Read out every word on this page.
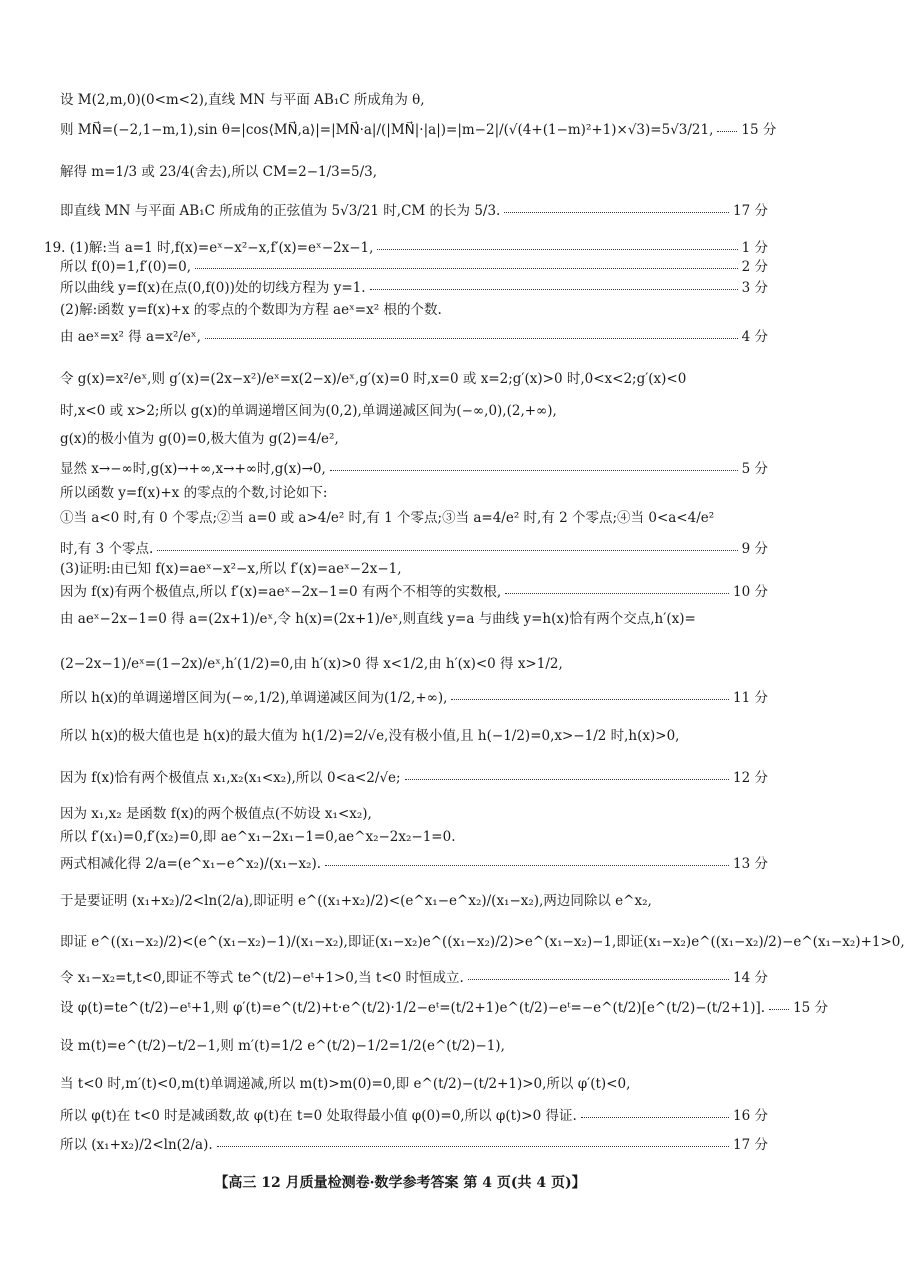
设 M(2,m,0)(0<m<2),直线 MN 与平面 AB₁C 所成角为 θ,
则 MN⃗=(−2,1−m,1),sin θ=|cos⟨MN⃗,a⟩|=|MN⃗·a|/(|MN⃗|·|a|)=|m−2|/(√(4+(1−m)²+1)×√3)=5√3/21, 15 分
解得 m=1/3 或 23/4(舍去),所以 CM=2−1/3=5/3,
即直线 MN 与平面 AB₁C 所成角的正弦值为 5√3/21 时,CM 的长为 5/3.	17 分
19. (1)解:当 a=1 时,f(x)=eˣ−x²−x,f′(x)=eˣ−2x−1,	1 分
所以 f(0)=1,f′(0)=0,	2 分
所以曲线 y=f(x)在点(0,f(0))处的切线方程为 y=1.	3 分
(2)解:函数 y=f(x)+x 的零点的个数即为方程 aeˣ=x² 根的个数.
由 aeˣ=x² 得 a=x²/eˣ,	4 分
令 g(x)=x²/eˣ,则 g′(x)=(2x−x²)/eˣ=x(2−x)/eˣ,g′(x)=0 时,x=0 或 x=2;g′(x)>0 时,0<x<2;g′(x)<0
时,x<0 或 x>2;所以 g(x)的单调递增区间为(0,2),单调递减区间为(−∞,0),(2,+∞),
g(x)的极小值为 g(0)=0,极大值为 g(2)=4/e²,
显然 x→−∞时,g(x)→+∞,x→+∞时,g(x)→0,	5 分
所以函数 y=f(x)+x 的零点的个数,讨论如下:
①当 a<0 时,有 0 个零点;②当 a=0 或 a>4/e² 时,有 1 个零点;③当 a=4/e² 时,有 2 个零点;④当 0<a<4/e²
时,有 3 个零点.	9 分
(3)证明:由已知 f(x)=aeˣ−x²−x,所以 f′(x)=aeˣ−2x−1,
因为 f(x)有两个极值点,所以 f′(x)=aeˣ−2x−1=0 有两个不相等的实数根,	10 分
由 aeˣ−2x−1=0 得 a=(2x+1)/eˣ,令 h(x)=(2x+1)/eˣ,则直线 y=a 与曲线 y=h(x)恰有两个交点,h′(x)=
(2−2x−1)/eˣ=(1−2x)/eˣ,h′(1/2)=0,由 h′(x)>0 得 x<1/2,由 h′(x)<0 得 x>1/2,
所以 h(x)的单调递增区间为(−∞,1/2),单调递减区间为(1/2,+∞),	11 分
所以 h(x)的极大值也是 h(x)的最大值为 h(1/2)=2/√e,没有极小值,且 h(−1/2)=0,x>−1/2 时,h(x)>0,
因为 f(x)恰有两个极值点 x₁,x₂(x₁<x₂),所以 0<a<2/√e;	12 分
因为 x₁,x₂ 是函数 f(x)的两个极值点(不妨设 x₁<x₂),
所以 f′(x₁)=0,f′(x₂)=0,即 ae^x₁−2x₁−1=0,ae^x₂−2x₂−1=0.
两式相减化得 2/a=(e^x₁−e^x₂)/(x₁−x₂).	13 分
于是要证明 (x₁+x₂)/2<ln(2/a),即证明 e^((x₁+x₂)/2)<(e^x₁−e^x₂)/(x₁−x₂),两边同除以 e^x₂,
即证 e^((x₁−x₂)/2)<(e^(x₁−x₂)−1)/(x₁−x₂),即证(x₁−x₂)e^((x₁−x₂)/2)>e^(x₁−x₂)−1,即证(x₁−x₂)e^((x₁−x₂)/2)−e^(x₁−x₂)+1>0,
令 x₁−x₂=t,t<0,即证不等式 te^(t/2)−eᵗ+1>0,当 t<0 时恒成立.	14 分
设 φ(t)=te^(t/2)−eᵗ+1,则 φ′(t)=e^(t/2)+t·e^(t/2)·1/2−eᵗ=(t/2+1)e^(t/2)−eᵗ=−e^(t/2)[e^(t/2)−(t/2+1)]. 15 分
设 m(t)=e^(t/2)−t/2−1,则 m′(t)=1/2 e^(t/2)−1/2=1/2(e^(t/2)−1),
当 t<0 时,m′(t)<0,m(t)单调递减,所以 m(t)>m(0)=0,即 e^(t/2)−(t/2+1)>0,所以 φ′(t)<0,
所以 φ(t)在 t<0 时是减函数,故 φ(t)在 t=0 处取得最小值 φ(0)=0,所以 φ(t)>0 得证.	16 分
所以 (x₁+x₂)/2<ln(2/a).	17 分
【高三 12 月质量检测卷·数学参考答案 第 4 页(共 4 页)】
